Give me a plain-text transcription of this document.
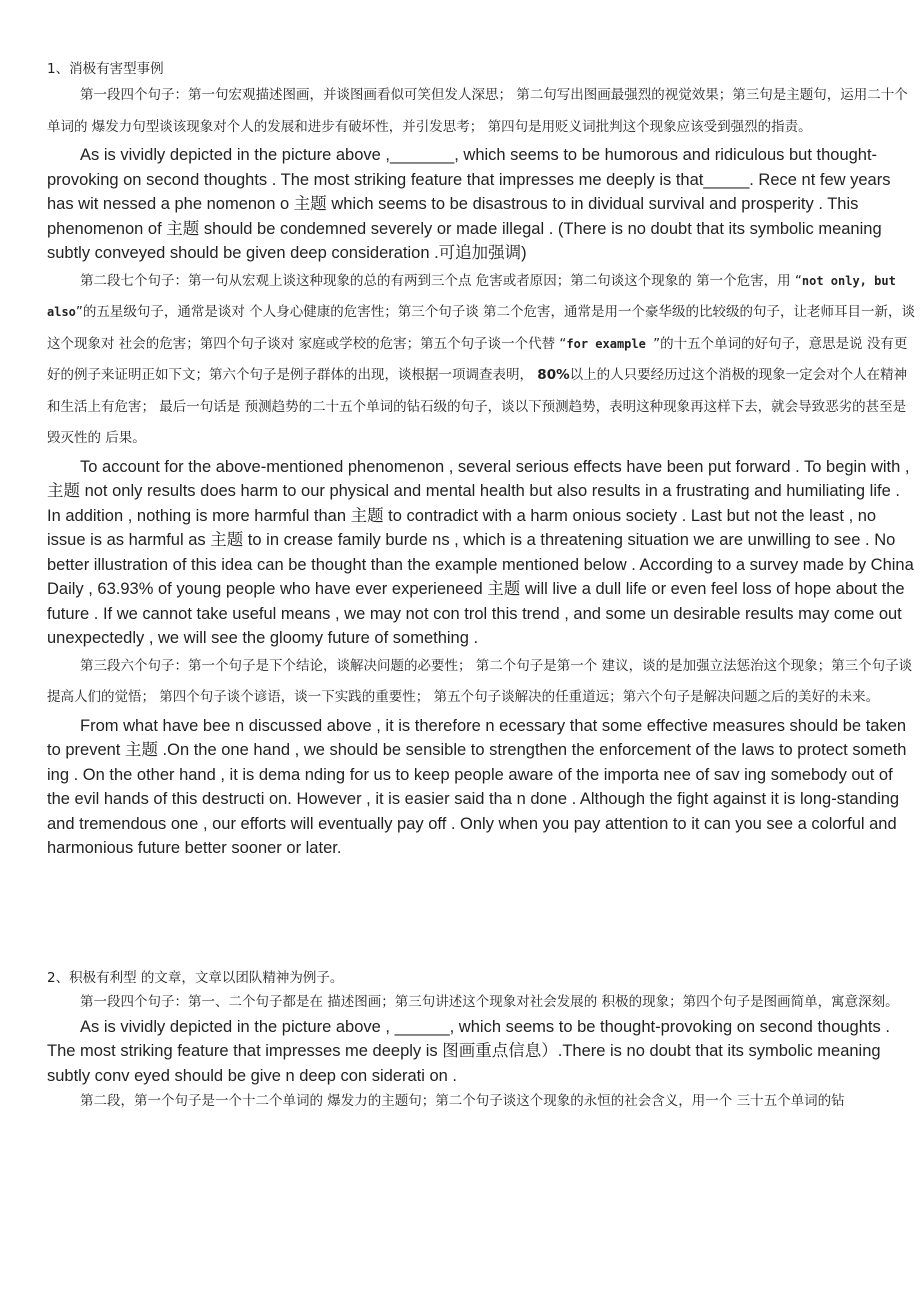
1、消极有害型事例

第一段四个句子：第一句宏观描述图画，并谈图画看似可笑但发人深思； 第二句写出图画最强烈的视觉效果；第三句是主题句，运用二十个单词的 爆发力句型谈该现象对个人的发展和进步有破坏性，并引发思考； 第四句是用贬义词批判这个现象应该受到强烈的指责。

As is vividly depicted in the picture above ,_______, which seems to be humorous and ridiculous but thought-provoking on second thoughts . The most striking feature that impresses me deeply is that_____. Rece nt few years has wit nessed a phe nomenon o 主题 which seems to be disastrous to in dividual survival and prosperity . This phenomenon of 主题 should be condemned severely or made illegal . (There is no doubt that its symbolic meaning subtly conveyed should be given deep consideration .可追加强调)

第二段七个句子：第一句从宏观上谈这种现象的总的有两到三个点 危害或者原因；第二句谈这个现象的 第一个危害，用 “not only, but also”的五星级句子，通常是谈对 个人身心健康的危害性；第三个句子谈 第二个危害，通常是用一个豪华级的比较级的句子，让老师耳目一新，谈这个现象对 社会的危害；第四个句子谈对 家庭或学校的危害；第五个句子谈一个代替 “for example ”的十五个单词的好句子，意思是说 没有更好的例子来证明正如下文；第六个句子是例子群体的出现，谈根据一项调查表明， 80%以上的人只要经历过这个消极的现象一定会对个人在精神和生活上有危害； 最后一句话是 预测趋势的二十五个单词的钻石级的句子，谈以下预测趋势，表明这种现象再这样下去，就会导致恶劣的甚至是毁灭性的 后果。

To account for the above-mentioned phenomenon , several serious effects have been put forward . To begin with ,主题 not only results does harm to our physical and mental health but also results in a frustrating and humiliating life . In addition , nothing is more harmful than 主题 to contradict with a harm onious society . Last but not the least , no issue is as harmful as 主题 to in crease family burde ns , which is a threatening situation we are unwilling to see . No better illustration of this idea can be thought than the example mentioned below . According to a survey made by China Daily , 63.93% of young people who have ever experieneed 主题 will live a dull life or even feel loss of hope about the future . If we cannot take useful means , we may not con trol this trend , and some un desirable results may come out unexpectedly , we will see the gloomy future of something .

第三段六个句子：第一个句子是下个结论，谈解决问题的必要性； 第二个句子是第一个 建议，谈的是加强立法惩治这个现象；第三个句子谈提高人们的觉悟； 第四个句子谈个谚语，谈一下实践的重要性； 第五个句子谈解决的任重道远；第六个句子是解决问题之后的美好的未来。

From what have bee n discussed above , it is therefore n ecessary that some effective measures should be taken to prevent 主题 .On the one hand , we should be sensible to strengthen the enforcement of the laws to protect someth ing . On the other hand , it is dema nding for us to keep people aware of the importa nee of sav ing somebody out of the evil hands of this destructi on. However , it is easier said tha n done . Although the fight against it is long-standing and tremendous one , our efforts will eventually pay off . Only when you pay attention to it can you see a colorful and harmonious future better sooner or later.

2、积极有利型 的文章，文章以团队精神为例子。

第一段四个句子：第一、二个句子都是在 描述图画；第三句讲述这个现象对社会发展的 积极的现象；第四个句子是图画简单，寓意深刻。

As is vividly depicted in the picture above , ______, which seems to be thought-provoking on second thoughts . The most striking feature that impresses me deeply is 图画重点信息）.There is no doubt that its symbolic meaning subtly conv eyed should be give n deep con siderati on .

第二段，第一个句子是一个十二个单词的 爆发力的主题句；第二个句子谈这个现象的永恒的社会含义，用一个 三十五个单词的钻
